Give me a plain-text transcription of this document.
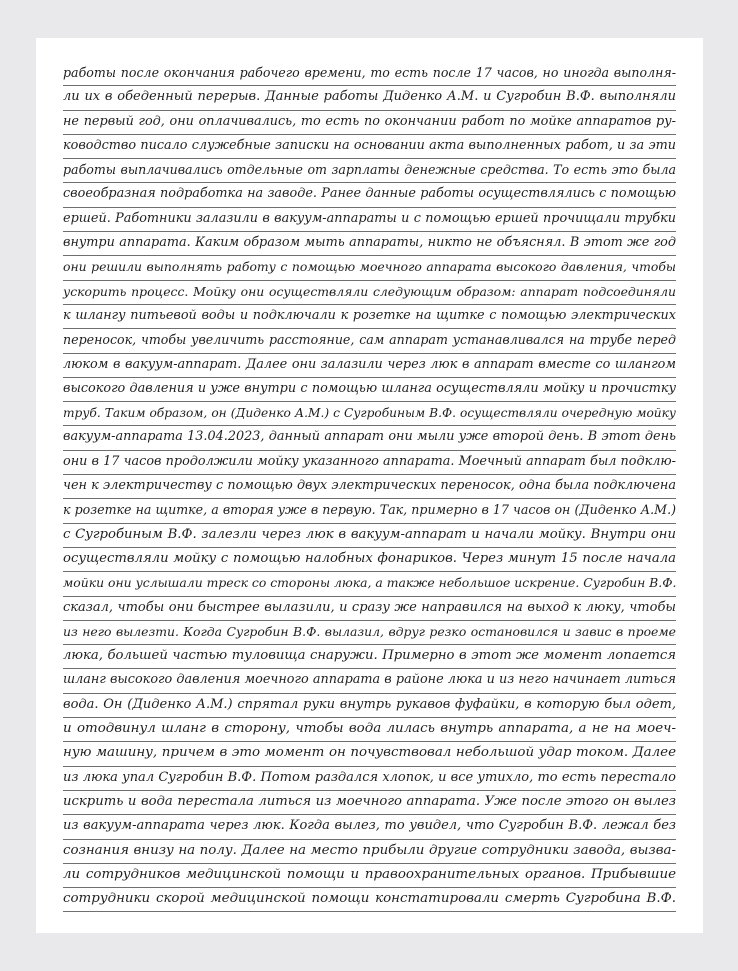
работы после окончания рабочего времени, то есть после 17 часов, но иногда выполня-
ли их в обеденный перерыв. Данные работы Диденко А.М. и Сугробин В.Ф. выполняли
не первый год, они оплачивались, то есть по окончании работ по мойке аппаратов ру-
ководство писало служебные записки на основании акта выполненных работ, и за эти
работы выплачивались отдельные от зарплаты денежные средства. То есть это была
своеобразная подработка на заводе. Ранее данные работы осуществлялись с помощью
ершей. Работники залазили в вакуум-аппараты и с помощью ершей прочищали трубки
внутри аппарата. Каким образом мыть аппараты, никто не объяснял. В этот же год
они решили выполнять работу с помощью моечного аппарата высокого давления, чтобы
ускорить процесс. Мойку они осуществляли следующим образом: аппарат подсоединяли
к шлангу питьевой воды и подключали к розетке на щитке с помощью электрических
переносок, чтобы увеличить расстояние, сам аппарат устанавливался на трубе перед
люком в вакуум-аппарат. Далее они залазили через люк в аппарат вместе со шлангом
высокого давления и уже внутри с помощью шланга осуществляли мойку и прочистку
труб. Таким образом, он (Диденко А.М.) с Сугробиным В.Ф. осуществляли очередную мойку
вакуум-аппарата 13.04.2023, данный аппарат они мыли уже второй день. В этот день
они в 17 часов продолжили мойку указанного аппарата. Моечный аппарат был подклю-
чен к электричеству с помощью двух электрических переносок, одна была подключена
к розетке на щитке, а вторая уже в первую. Так, примерно в 17 часов он (Диденко А.М.)
с Сугробиным В.Ф. залезли через люк в вакуум-аппарат и начали мойку. Внутри они
осуществляли мойку с помощью налобных фонариков. Через минут 15 после начала
мойки они услышали треск со стороны люка, а также небольшое искрение. Сугробин В.Ф.
сказал, чтобы они быстрее вылазили, и сразу же направился на выход к люку, чтобы
из него вылезти. Когда Сугробин В.Ф. вылазил, вдруг резко остановился и завис в проеме
люка, большей частью туловища снаружи. Примерно в этот же момент лопается
шланг высокого давления моечного аппарата в районе люка и из него начинает литься
вода. Он (Диденко А.М.) спрятал руки внутрь рукавов фуфайки, в которую был одет,
и отодвинул шланг в сторону, чтобы вода лилась внутрь аппарата, а не на моеч-
ную машину, причем в это момент он почувствовал небольшой удар током. Далее
из люка упал Сугробин В.Ф. Потом раздался хлопок, и все утихло, то есть перестало
искрить и вода перестала литься из моечного аппарата. Уже после этого он вылез
из вакуум-аппарата через люк. Когда вылез, то увидел, что Сугробин В.Ф. лежал без
сознания внизу на полу. Далее на место прибыли другие сотрудники завода, вызва-
ли сотрудников медицинской помощи и правоохранительных органов. Прибывшие
сотрудники скорой медицинской помощи констатировали смерть Сугробина В.Ф.
